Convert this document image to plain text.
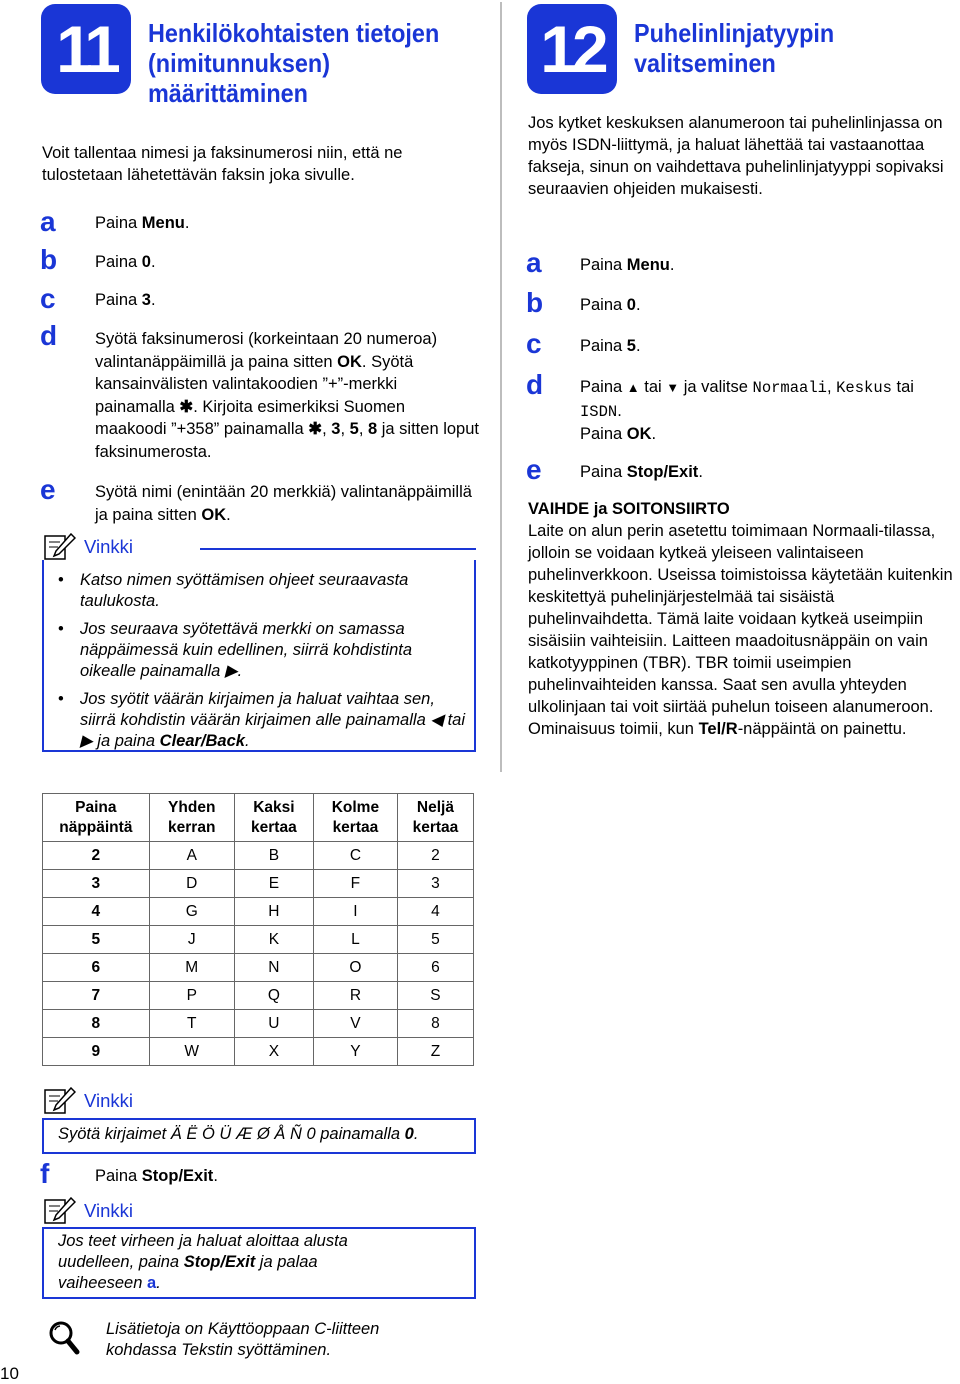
11	Henkilökohtaisten tietojen (nimitunnuksen) määrittäminen
Voit tallentaa nimesi ja faksinumerosi niin, että ne tulostetaan lähetettävän faksin joka sivulle.
a Paina Menu.
b Paina 0.
c Paina 3.
d Syötä faksinumerosi (korkeintaan 20 numeroa) valintanäppäimillä ja paina sitten OK. Syötä kansainvälisten valintakoodien ”+”-merkki painamalla ✱. Kirjoita esimerkiksi Suomen maakoodi ”+358” painamalla ✱, 3, 5, 8 ja sitten loput faksinumerosta.
e Syötä nimi (enintään 20 merkkiä) valintanäppäimillä ja paina sitten OK.
Vinkki
• Katso nimen syöttämisen ohjeet seuraavasta taulukosta.
• Jos seuraava syötettävä merkki on samassa näppäimessä kuin edellinen, siirrä kohdistinta oikealle painamalla ▶.
• Jos syötit väärän kirjaimen ja haluat vaihtaa sen, siirrä kohdistin väärän kirjaimen alle painamalla ◀ tai ▶ ja paina Clear/Back.
Paina näppäintä	Yhden kerran	Kaksi kertaa	Kolme kertaa	Neljä kertaa
2	A	B	C	2
3	D	E	F	3
4	G	H	I	4
5	J	K	L	5
6	M	N	O	6
7	P	Q	R	S
8	T	U	V	8
9	W	X	Y	Z
Vinkki
Syötä kirjaimet Ä Ë Ö Ü Æ Ø Å Ñ 0 painamalla 0.
f	Paina Stop/Exit.
Vinkki
Jos teet virheen ja haluat aloittaa alusta uudelleen, paina Stop/Exit ja palaa vaiheeseen a.
Lisätietoja on Käyttöoppaan C-liitteen kohdassa Tekstin syöttäminen.
10
12	Puhelinlinjatyypin valitseminen
Jos kytket keskuksen alanumeroon tai puhelinlinjassa on myös ISDN-liittymä, ja haluat lähettää tai vastaanottaa fakseja, sinun on vaihdettava puhelinlinjatyyppi sopivaksi seuraavien ohjeiden mukaisesti.
a Paina Menu.
b Paina 0.
c Paina 5.
d Paina ▲ tai ▼ ja valitse Normaali, Keskus tai ISDN.
Paina OK.
e Paina Stop/Exit.
VAIHDE ja SOITONSIIRTO
Laite on alun perin asetettu toimimaan Normaali-tilassa, jolloin se voidaan kytkeä yleiseen valintaiseen puhelinverkkoon. Useissa toimistoissa käytetään kuitenkin keskitettyä puhelinjärjestelmää tai sisäistä puhelinvaihdetta. Tämä laite voidaan kytkeä useimpiin sisäisiin vaihteisiin. Laitteen maadoitusnäppäin on vain katkotyyppinen (TBR). TBR toimii useimpien puhelinvaihteiden kanssa. Saat sen avulla yhteyden ulkolinjaan tai voit siirtää puhelun toiseen alanumeroon. Ominaisuus toimii, kun Tel/R-näppäintä on painettu.
